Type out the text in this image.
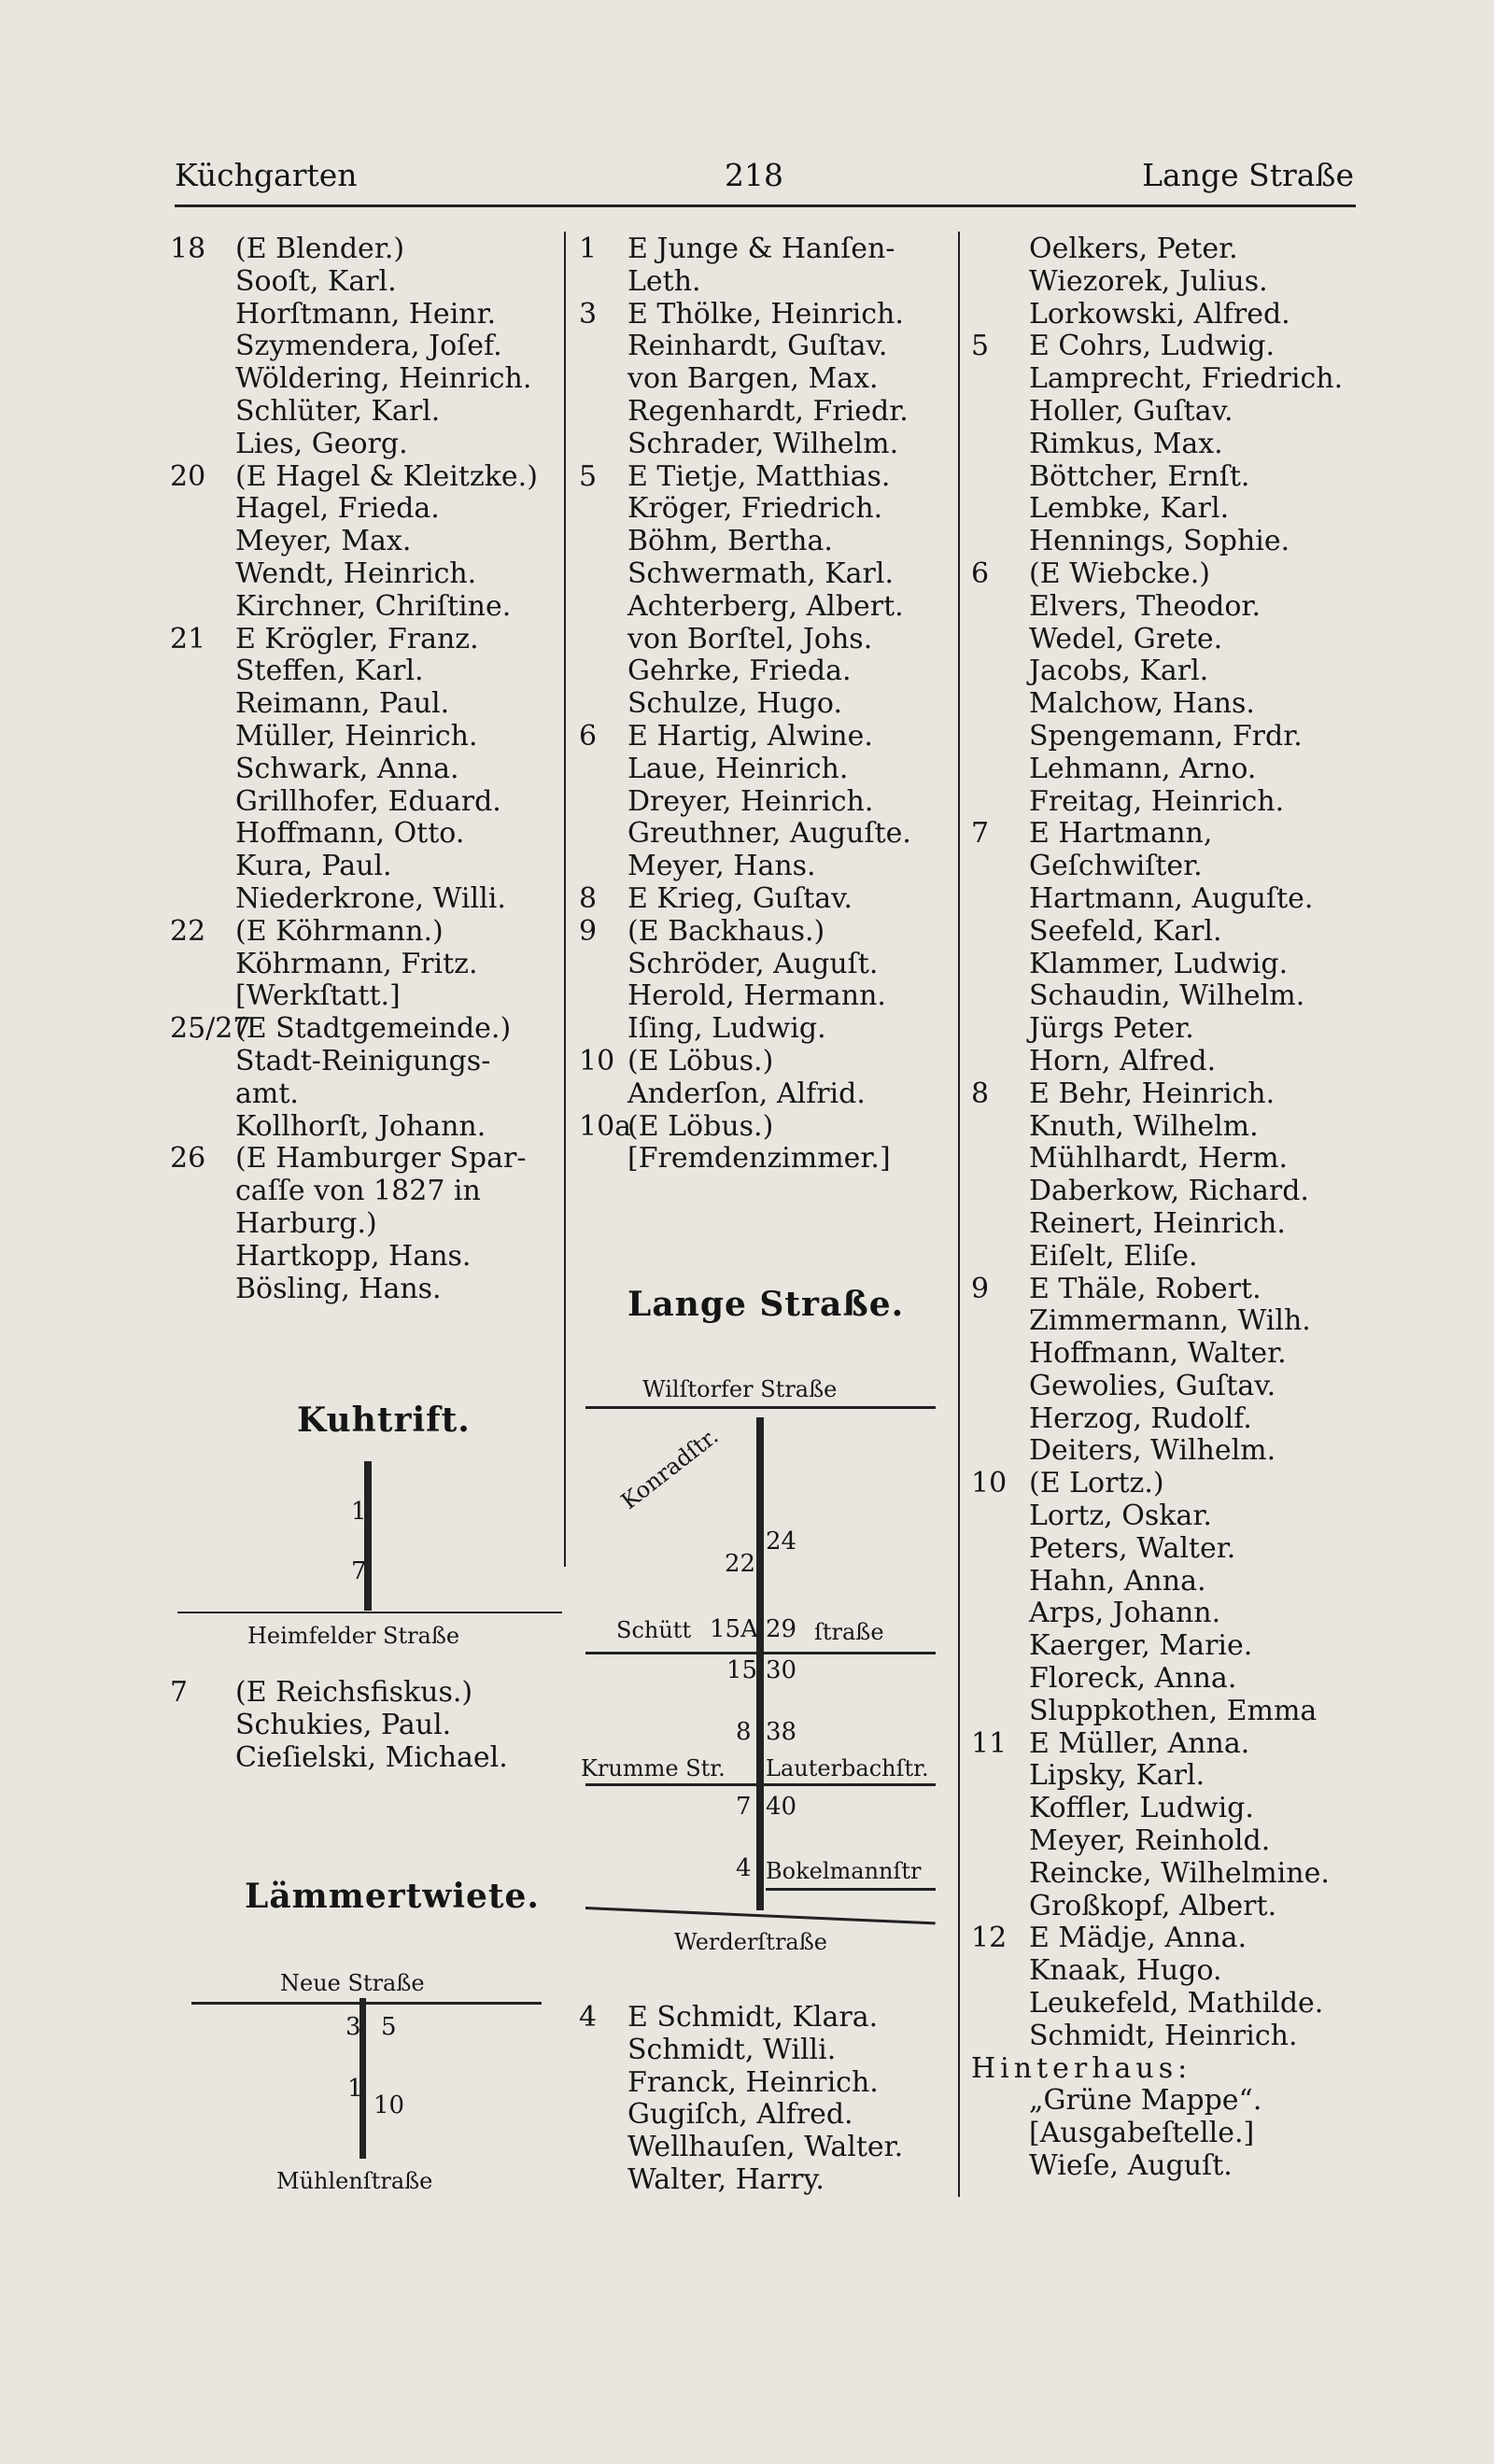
Küchgarten	218	Lange Straße
18 (E Blender.)
Sooſt, Karl.
Horſtmann, Heinr.
Szymendera, Joſef.
Wöldering, Heinrich.
Schlüter, Karl.
Lies, Georg.
20 (E Hagel & Kleitzke.)
Hagel, Frieda.
Meyer, Max.
Wendt, Heinrich.
Kirchner, Chriſtine.
21 E Krögler, Franz.
Steffen, Karl.
Reimann, Paul.
Müller, Heinrich.
Schwark, Anna.
Grillhofer, Eduard.
Hoffmann, Otto.
Kura, Paul.
Niederkrone, Willi.
22 (E Köhrmann.)
Köhrmann, Fritz.
[Werkſtatt.]
25/27
(E Stadtgemeinde.)
Stadt-Reinigungs-
amt.
Kollhorſt, Johann.
26 (E Hamburger Spar-
caſſe von 1827 in
Harburg.)
Hartkopp, Hans.
Bösling, Hans.
Kuhtrift.
1
7
Heimfelder Straße
7 (E Reichsfiskus.)
Schukies, Paul.
Cieſielski, Michael.
Lämmertwiete.
Neue Straße
3
1
5
10
Mühlenſtraße
1 E Junge & Hanſen-
Leth.
3 E Thölke, Heinrich.
Reinhardt, Guſtav.
von Bargen, Max.
Regenhardt, Friedr.
Schrader, Wilhelm.
5 E Tietje, Matthias.
Kröger, Friedrich.
Böhm, Bertha.
Schwermath, Karl.
Achterberg, Albert.
von Borſtel, Johs.
Gehrke, Frieda.
Schulze, Hugo.
6 E Hartig, Alwine.
Laue, Heinrich.
Dreyer, Heinrich.
Greuthner, Auguſte.
Meyer, Hans.
8 E Krieg, Guſtav.
9 (E Backhaus.)
Schröder, Auguſt.
Herold, Hermann.
Iſing, Ludwig.
10 (E Löbus.)
Anderſon, Alfrid.
10a
(E Löbus.)
[Fremdenzimmer.]
Lange Straße.
Wilſtorfer Straße
Konradſtr.
22
24
Schütt 15A 29 ſtraße
15 30
8 38
Krumme Str. Lauterbachſtr.
7 40
4 Bokelmannſtr
Werderſtraße
4 E Schmidt, Klara.
Schmidt, Willi.
Franck, Heinrich.
Gugiſch, Alfred.
Wellhauſen, Walter.
Walter, Harry.
Oelkers, Peter.
Wiezorek, Julius.
Lorkowski, Alfred.
5 E Cohrs, Ludwig.
Lamprecht, Friedrich.
Holler, Guſtav.
Rimkus, Max.
Böttcher, Ernſt.
Lembke, Karl.
Hennings, Sophie.
6 (E Wiebcke.)
Elvers, Theodor.
Wedel, Grete.
Jacobs, Karl.
Malchow, Hans.
Spengemann, Frdr.
Lehmann, Arno.
Freitag, Heinrich.
7 E Hartmann,
Geſchwiſter.
Hartmann, Auguſte.
Seefeld, Karl.
Klammer, Ludwig.
Schaudin, Wilhelm.
Jürgs Peter.
Horn, Alfred.
8 E Behr, Heinrich.
Knuth, Wilhelm.
Mühlhardt, Herm.
Daberkow, Richard.
Reinert, Heinrich.
Eiſelt, Eliſe.
9 E Thäle, Robert.
Zimmermann, Wilh.
Hoffmann, Walter.
Gewolies, Guſtav.
Herzog, Rudolf.
Deiters, Wilhelm.
10 (E Lortz.)
Lortz, Oskar.
Peters, Walter.
Hahn, Anna.
Arps, Johann.
Kaerger, Marie.
Floreck, Anna.
Sluppkothen, Emma
11 E Müller, Anna.
Lipsky, Karl.
Koffler, Ludwig.
Meyer, Reinhold.
Reincke, Wilhelmine.
Großkopf, Albert.
12 E Mädje, Anna.
Knaak, Hugo.
Leukefeld, Mathilde.
Schmidt, Heinrich.
Hinterhaus:
„Grüne Mappe“.
[Ausgabeſtelle.]
Wieſe, Auguſt.
